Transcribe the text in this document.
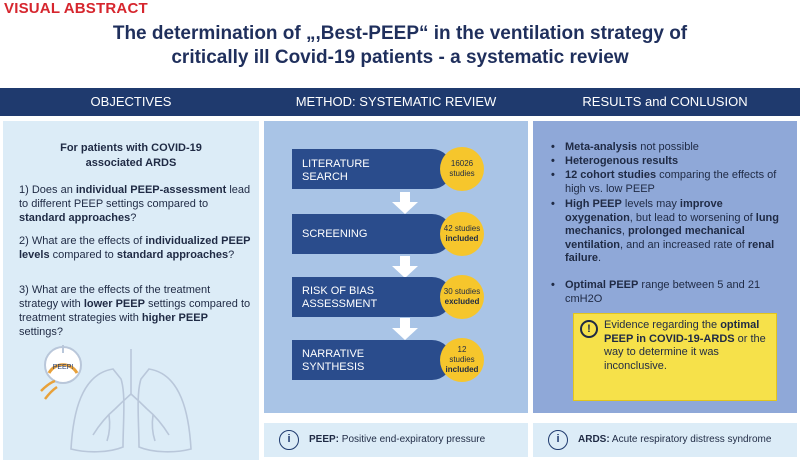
VISUAL ABSTRACT
The determination of „,Best-PEEP“ in the ventilation strategy of
critically ill Covid-19 patients - a systematic review
OBJECTIVES	METHOD: SYSTEMATIC REVIEW	RESULTS and CONLUSION
For patients with COVID-19
associated ARDS
1) Does an individual PEEP-assessment lead to different PEEP settings compared to standard approaches?
2) What are the effects of individualized PEEP levels compared to standard approaches?
3) What are the effects of the treatment strategy with lower PEEP settings compared to treatment strategies with higher PEEP settings?
PEEP!
LITERATURE
SEARCH
16026
studies
SCREENING	42 studies
included
RISK OF BIAS
ASSESSMENT
30 studies
excluded
NARRATIVE
SYNTHESIS
12
studies
included
• Meta-analysis not possible
• Heterogenous results
• 12 cohort studies comparing the effects of high vs. low PEEP
• High PEEP levels may improve oxygenation, but lead to worsening of lung mechanics, prolonged mechanical ventilation, and an increased rate of renal failure.
• Optimal PEEP range between 5 and 21 cmH2O
!	Evidence regarding the optimal PEEP in COVID-19-ARDS or the way to determine it was inconclusive.
i	PEEP: Positive end-expiratory pressure	i	ARDS: Acute respiratory distress syndrome
